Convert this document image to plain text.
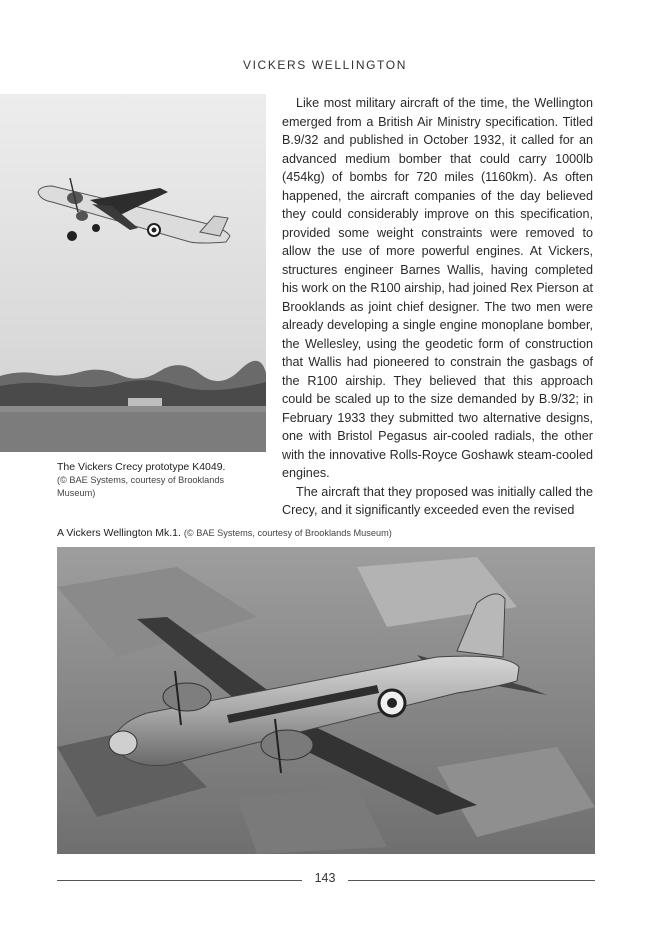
VICKERS WELLINGTON
The Vickers Crecy prototype K4049.
(© BAE Systems, courtesy of Brooklands Museum)

Like most military aircraft of the time, the Wellington emerged from a British Air Ministry specification. Titled B.9/32 and published in October 1932, it called for an advanced medium bomber that could carry 1000lb (454kg) of bombs for 720 miles (1160km). As often happened, the aircraft companies of the day believed they could considerably improve on this specification, provided some weight constraints were removed to allow the use of more powerful engines. At Vickers, structures engineer Barnes Wallis, having completed his work on the R100 airship, had joined Rex Pierson at Brooklands as joint chief designer. The two men were already developing a single engine monoplane bomber, the Wellesley, using the geodetic form of construction that Wallis had pioneered to constrain the gasbags of the R100 airship. They believed that this approach could be scaled up to the size demanded by B.9/32; in February 1933 they submitted two alternative designs, one with Bristol Pegasus air-cooled radials, the other with the innovative Rolls-Royce Goshawk steam-cooled engines.

The aircraft that they proposed was initially called the Crecy, and it significantly exceeded even the revised

A Vickers Wellington Mk.1. (© BAE Systems, courtesy of Brooklands Museum)
143
